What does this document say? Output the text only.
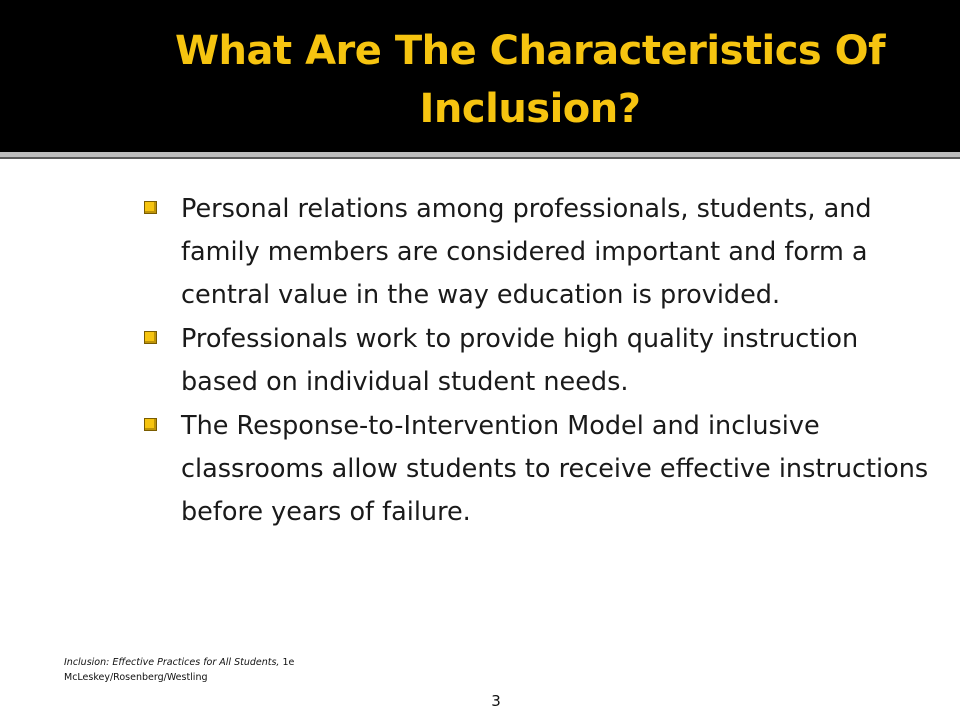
What Are The Characteristics Of Inclusion?
Personal relations among professionals, students, and family members are considered important and form a central value in the way education is provided.
Professionals work to provide high quality instruction based on individual student needs.
The Response-to-Intervention Model and inclusive classrooms allow students to receive effective instructions before years of failure.
Inclusion: Effective Practices for All Students, 1e
McLeskey/Rosenberg/Westling
3
